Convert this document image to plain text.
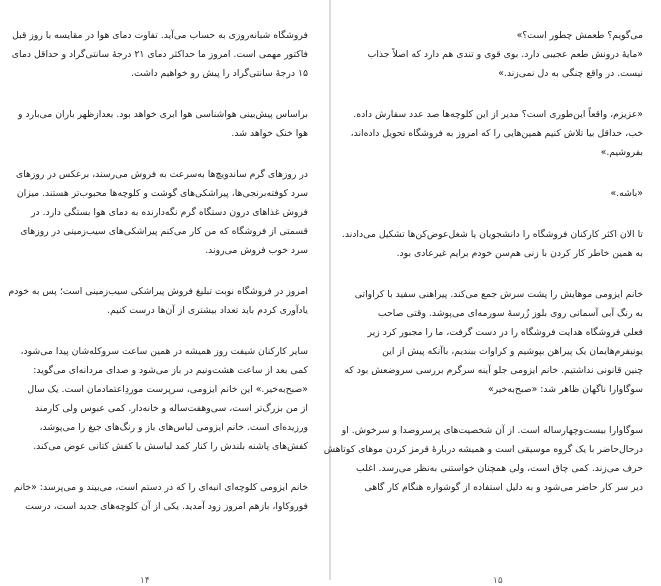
فروشگاه شبانه‌روزی به حساب می‌آید. تفاوت دمای هوا در مقایسه با روز قبل
فاکتور مهمی است. امروز ما حداکثر دمای ۲۱ درجهٔ سانتی‌گراد و حداقل دمای
۱۵ درجهٔ سانتی‌گراد را پیش رو خواهیم داشت.
براساس پیش‌بینی هواشناسی هوا ابری خواهد بود. بعدازظهر باران می‌بارد و
هوا خنک خواهد شد.
در روزهای گرم ساندویچ‌ها به‌سرعت به فروش می‌رسند، برعکس در روزهای
سرد کوفته‌برنجی‌ها، پیراشکی‌های گوشت و کلوچه‌ها محبوب‌تر هستند. میزان
فروش غذاهای درون دستگاه گرم نگه‌دارنده به دمای هوا بستگی دارد. در
قسمتی از فروشگاه که من کار می‌کنم پیراشکی‌های سیب‌زمینی در روزهای
سرد خوب فروش می‌روند.
امروز در فروشگاه نوبت تبلیغ فروش پیراشکی سیب‌زمینی است؛ پس به خودم
یادآوری کردم باید تعداد بیشتری از آن‌ها درست کنیم.
سایر کارکنان شیفت روز همیشه در همین ساعت سروکله‌شان پیدا می‌شود،
کمی بعد از ساعت هشت‌ونیم در باز می‌شود و صدای مردانه‌ای می‌گوید:
«صبح‌به‌خیر.» این خانم ایزومی، سرپرست موردِاعتمادمان است. یک سال
از من بزرگ‌تر است، سی‌وهفت‌ساله و خانه‌دار. کمی عبوس ولی کارمند
ورزیده‌ای است. خانم ایزومی لباس‌های باز و رنگ‌های جیغ را می‌پوشد،
کفش‌های پاشنه بلندش را کنار کمد لباسش با کفش کتانی عوض می‌کند.
خانم ایزومی کلوچه‌ای انبه‌ای را که در دستم است، می‌بیند و می‌پرسد: «خانم
فوروکاوا، بازهم امروز زود آمدید. یکی از آن کلوچه‌های جدید است، درست
۱۴
می‌گویم؟ طعمش چطور است؟»
«مایهٔ درونش طعم عجیبی دارد. بوی قوی و تندی هم دارد که اصلاً جذاب
نیست. در واقع چنگی به دل نمی‌زند.»
«عزیزم، واقعاً این‌طوری است؟ مدیر از این کلوچه‌ها صد عدد سفارش داده.
خب، حداقل بیا تلاش کنیم همین‌هایی را که امروز به فروشگاه تحویل داده‌اند،
بفروشیم.»
«باشه.»
تا الان اکثر کارکنان فروشگاه را دانشجویان یا شغل‌عوض‌کن‌ها تشکیل می‌دادند.
به همین خاطر کار کردن با زنی هم‌سن خودم برایم غیرعادی بود.
خانم ایزومی موهایش را پشت سرش جمع می‌کند. پیراهنی سفید با کراواتی
به رنگ آبی آسمانی روی بلوز زُرسهٔ سورمه‌ای می‌پوشد. وقتی صاحب
فعلی فروشگاه هدایت فروشگاه را در دست گرفت، ما را مجبور کرد زیر
یونیفرم‌هایمان یک پیراهن بپوشیم و کراوات ببندیم، باآنکه پیش از این
چنین قانونی نداشتیم. خانم ایزومی جلو آینه سرگرم بررسی سروضعش بود که
سوگاوارا ناگهان ظاهر شد: «صبح‌به‌خیر»
سوگاوارا بیست‌وچهارساله است. از آن شخصیت‌های پرسروصدا و سرخوش. او
درحال‌حاضر با یک گروه موسیقی است و همیشه دربارهٔ قرمز کردن موهای کوتاهش
حرف می‌زند. کمی چاق است، ولی همچنان خواستنی به‌نظر می‌رسد. اغلب
دیر سر کار حاضر می‌شود و به دلیل استفاده از گوشواره هنگام کار گاهی
۱۵
